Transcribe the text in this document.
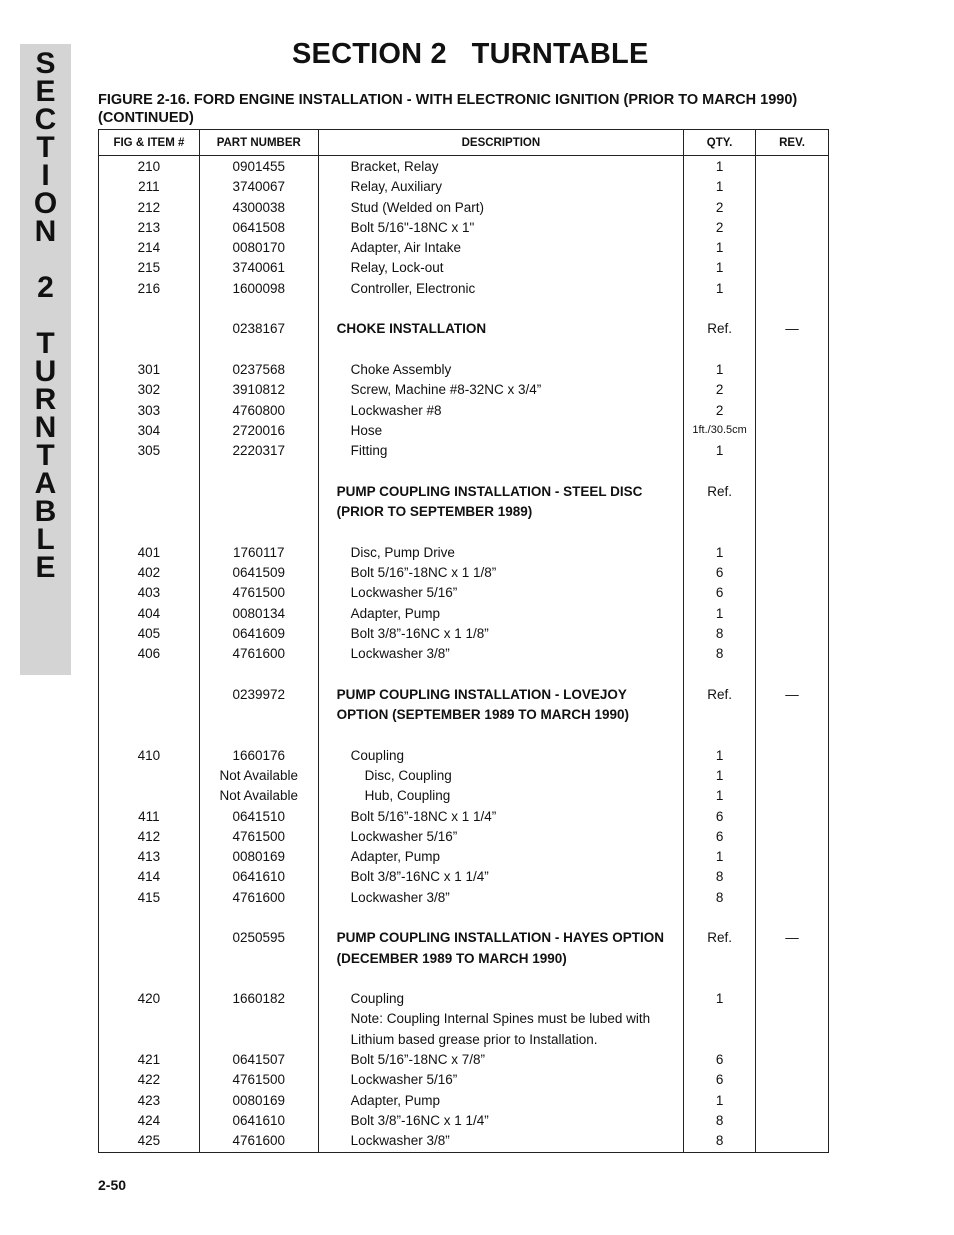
S
E
C
T
I
O
N

2

T
U
R
N
T
A
B
L
E
SECTION 2   TURNTABLE
FIGURE 2-16. FORD ENGINE INSTALLATION - WITH ELECTRONIC IGNITION (PRIOR TO MARCH 1990) (CONTINUED)
FIG & ITEM #	PART NUMBER	DESCRIPTION	QTY.	REV.
210	0901455	Bracket, Relay	1	
211	3740067	Relay, Auxiliary	1	
212	4300038	Stud (Welded on Part)	2	
213	0641508	Bolt 5/16"-18NC x 1"	2	
214	0080170	Adapter, Air Intake	1	
215	3740061	Relay, Lock-out	1	
216	1600098	Controller, Electronic	1	

	0238167	CHOKE INSTALLATION	Ref.	—

301	0237568	Choke Assembly	1	
302	3910812	Screw, Machine #8-32NC x 3/4”	2	
303	4760800	Lockwasher #8	2	
304	2720016	Hose	1ft./30.5cm	
305	2220317	Fitting	1	

		PUMP COUPLING INSTALLATION - STEEL DISC	Ref.	
		(PRIOR TO SEPTEMBER 1989)		

401	1760117	Disc, Pump Drive	1	
402	0641509	Bolt 5/16”-18NC x 1 1/8”	6	
403	4761500	Lockwasher 5/16”	6	
404	0080134	Adapter, Pump	1	
405	0641609	Bolt 3/8”-16NC x 1 1/8”	8	
406	4761600	Lockwasher 3/8”	8	

	0239972	PUMP COUPLING INSTALLATION - LOVEJOY	Ref.	—
		OPTION (SEPTEMBER 1989 TO MARCH 1990)		

410	1660176	Coupling	1	
	Not Available	Disc, Coupling	1	
	Not Available	Hub, Coupling	1	
411	0641510	Bolt 5/16”-18NC x 1 1/4”	6	
412	4761500	Lockwasher 5/16”	6	
413	0080169	Adapter, Pump	1	
414	0641610	Bolt 3/8”-16NC x 1 1/4”	8	
415	4761600	Lockwasher 3/8”	8	

	0250595	PUMP COUPLING INSTALLATION - HAYES OPTION	Ref.	—
		(DECEMBER 1989 TO MARCH 1990)		

420	1660182	Coupling	1	
		Note: Coupling Internal Spines must be lubed with		
		Lithium based grease prior to Installation.		
421	0641507	Bolt 5/16”-18NC x 7/8”	6	
422	4761500	Lockwasher 5/16”	6	
423	0080169	Adapter, Pump	1	
424	0641610	Bolt 3/8”-16NC x 1 1/4”	8	
425	4761600	Lockwasher 3/8”	8	
2-50
